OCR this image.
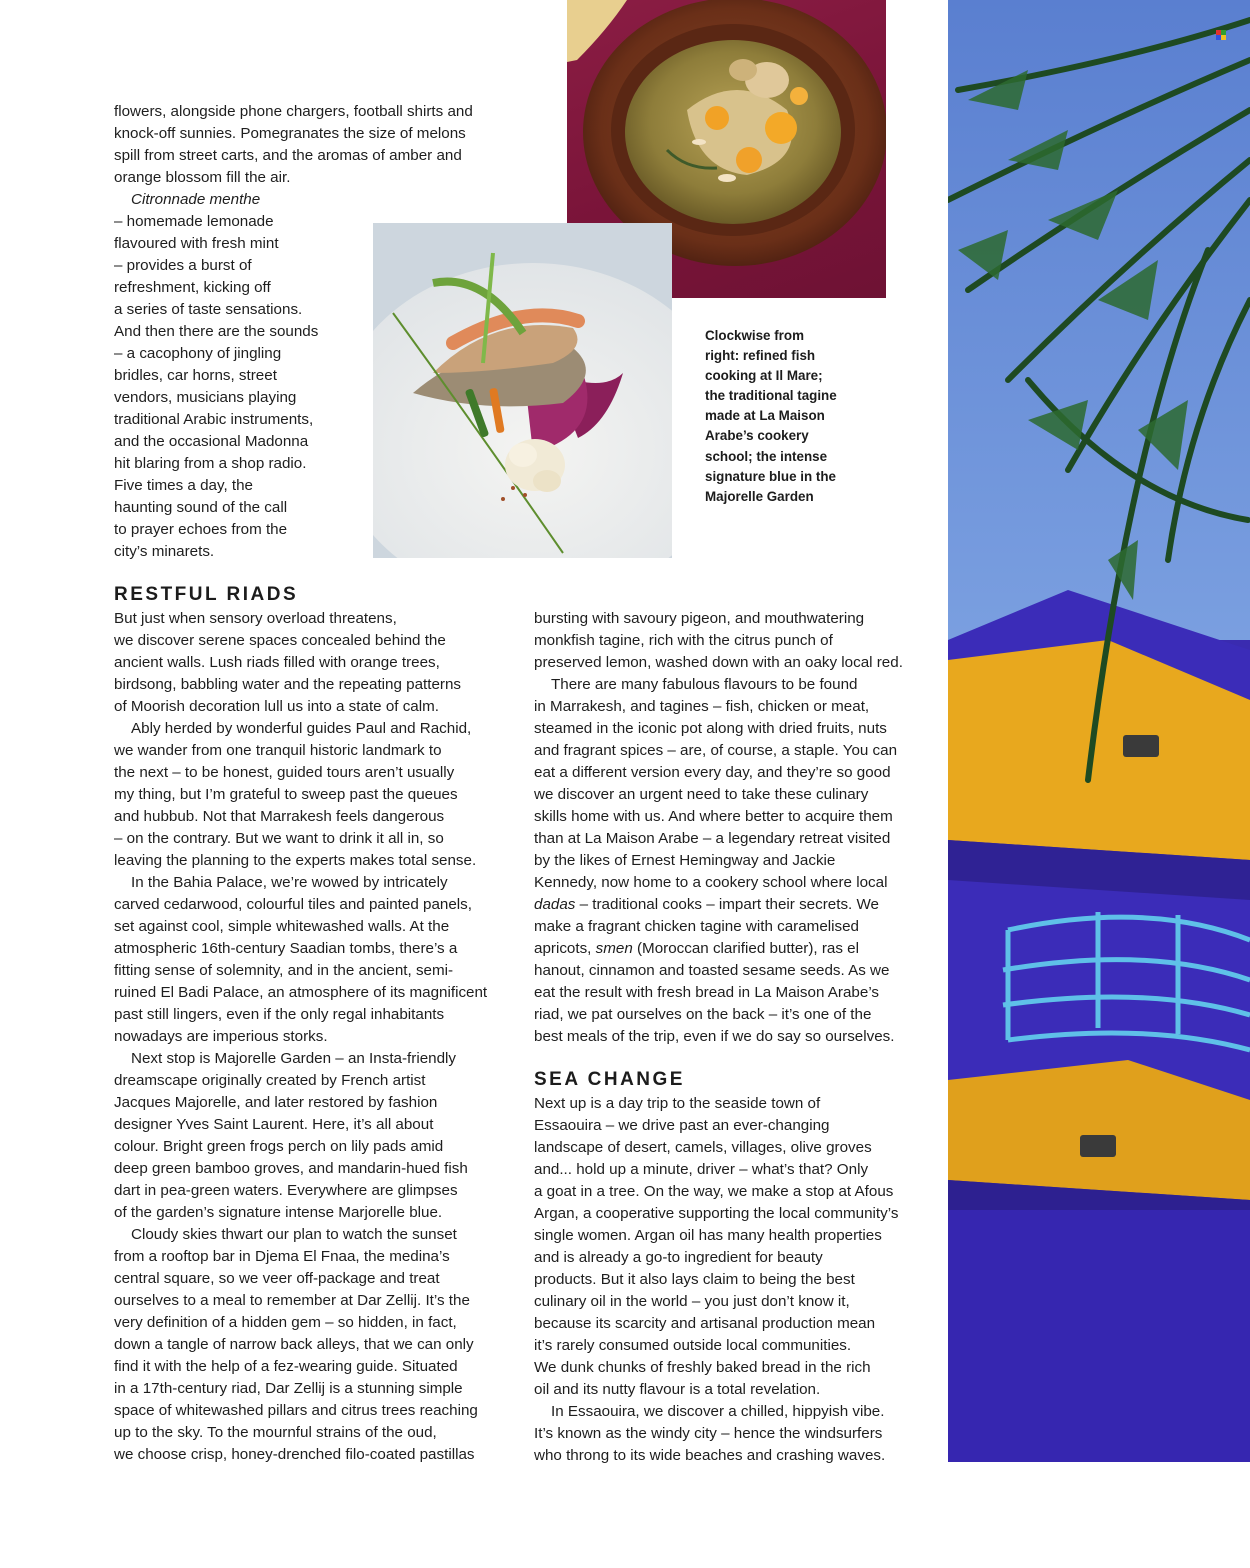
flowers, alongside phone chargers, football shirts and
knock-off sunnies. Pomegranates the size of melons
spill from street carts, and the aromas of amber and
orange blossom fill the air.
Citronnade menthe
– homemade lemonade
flavoured with fresh mint
– provides a burst of
refreshment, kicking off
a series of taste sensations.
And then there are the sounds
– a cacophony of jingling
bridles, car horns, street
vendors, musicians playing
traditional Arabic instruments,
and the occasional Madonna
hit blaring from a shop radio.
Five times a day, the
haunting sound of the call
to prayer echoes from the
city’s minarets.
Clockwise from
right: refined fish
cooking at Il Mare;
the traditional tagine
made at La Maison
Arabe’s cookery
school; the intense
signature blue in the
Majorelle Garden
RESTFUL RIADS
But just when sensory overload threatens,
we discover serene spaces concealed behind the
ancient walls. Lush riads filled with orange trees,
birdsong, babbling water and the repeating patterns
of Moorish decoration lull us into a state of calm.
Ably herded by wonderful guides Paul and Rachid,
we wander from one tranquil historic landmark to
the next – to be honest, guided tours aren’t usually
my thing, but I’m grateful to sweep past the queues
and hubbub. Not that Marrakesh feels dangerous
– on the contrary. But we want to drink it all in, so
leaving the planning to the experts makes total sense.
In the Bahia Palace, we’re wowed by intricately
carved cedarwood, colourful tiles and painted panels,
set against cool, simple whitewashed walls. At the
atmospheric 16th-century Saadian tombs, there’s a
fitting sense of solemnity, and in the ancient, semi-
ruined El Badi Palace, an atmosphere of its magnificent
past still lingers, even if the only regal inhabitants
nowadays are imperious storks.
Next stop is Majorelle Garden – an Insta-friendly
dreamscape originally created by French artist
Jacques Majorelle, and later restored by fashion
designer Yves Saint Laurent. Here, it’s all about
colour. Bright green frogs perch on lily pads amid
deep green bamboo groves, and mandarin-hued fish
dart in pea-green waters. Everywhere are glimpses
of the garden’s signature intense Marjorelle blue.
Cloudy skies thwart our plan to watch the sunset
from a rooftop bar in Djema El Fnaa, the medina’s
central square, so we veer off-package and treat
ourselves to a meal to remember at Dar Zellij. It’s the
very definition of a hidden gem – so hidden, in fact,
down a tangle of narrow back alleys, that we can only
find it with the help of a fez-wearing guide. Situated
in a 17th-century riad, Dar Zellij is a stunning simple
space of whitewashed pillars and citrus trees reaching
up to the sky. To the mournful strains of the oud,
we choose crisp, honey-drenched filo-coated pastillas
bursting with savoury pigeon, and mouthwatering
monkfish tagine, rich with the citrus punch of
preserved lemon, washed down with an oaky local red.
There are many fabulous flavours to be found
in Marrakesh, and tagines – fish, chicken or meat,
steamed in the iconic pot along with dried fruits, nuts
and fragrant spices – are, of course, a staple. You can
eat a different version every day, and they’re so good
we discover an urgent need to take these culinary
skills home with us. And where better to acquire them
than at La Maison Arabe – a legendary retreat visited
by the likes of Ernest Hemingway and Jackie
Kennedy, now home to a cookery school where local
dadas – traditional cooks – impart their secrets. We
make a fragrant chicken tagine with caramelised
apricots, smen (Moroccan clarified butter), ras el
hanout, cinnamon and toasted sesame seeds. As we
eat the result with fresh bread in La Maison Arabe’s
riad, we pat ourselves on the back – it’s one of the
best meals of the trip, even if we do say so ourselves.
SEA CHANGE
Next up is a day trip to the seaside town of
Essaouira – we drive past an ever-changing
landscape of desert, camels, villages, olive groves
and... hold up a minute, driver – what’s that? Only
a goat in a tree. On the way, we make a stop at Afous
Argan, a cooperative supporting the local community’s
single women. Argan oil has many health properties
and is already a go-to ingredient for beauty
products. But it also lays claim to being the best
culinary oil in the world – you just don’t know it,
because its scarcity and artisanal production mean
it’s rarely consumed outside local communities.
We dunk chunks of freshly baked bread in the rich
oil and its nutty flavour is a total revelation.
In Essaouira, we discover a chilled, hippyish vibe.
It’s known as the windy city – hence the windsurfers
who throng to its wide beaches and crashing waves.
